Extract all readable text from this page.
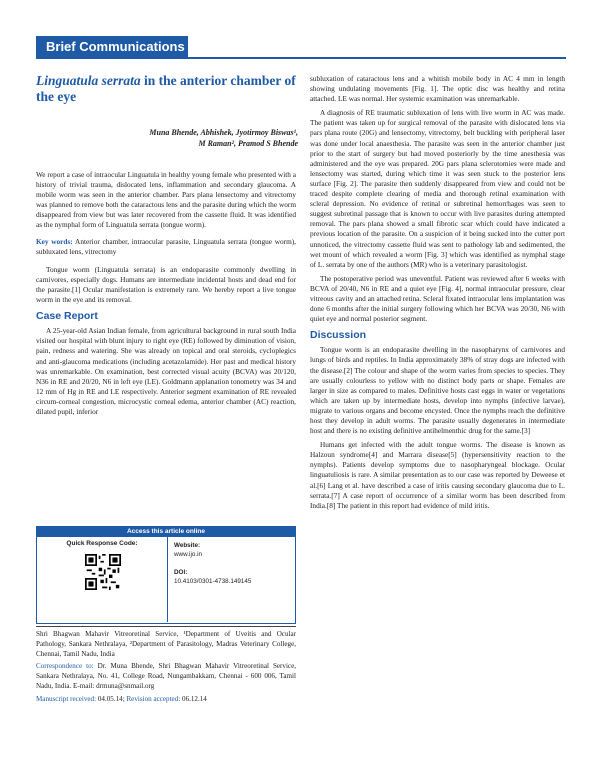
Brief Communications
Linguatula serrata in the anterior chamber of the eye
Muna Bhende, Abhishek, Jyotirmoy Biswas¹,
M Raman², Pramod S Bhende

We report a case of intraocular Linguatula in healthy young female who presented with a history of trivial trauma, dislocated lens, inflammation and secondary glaucoma. A mobile worm was seen in the anterior chamber. Pars plana lensectomy and vitrectomy was planned to remove both the cataractous lens and the parasite during which the worm disappeared from view but was later recovered from the cassette fluid. It was identified as the nymphal form of Linguatula serrata (tongue worm).

Key words: Anterior chamber, intraocular parasite, Linguatula serrata (tongue worm), subluxated lens, vitrectomy

Tongue worm (Linguatula serrata) is an endoparasite commonly dwelling in carnivores, especially dogs. Humans are intermediate incidental hosts and dead end for the parasite.[1] Ocular manifestation is extremely rare. We hereby report a live tongue worm in the eye and its removal.

Case Report

A 25-year-old Asian Indian female, from agricultural background in rural south India visited our hospital with blunt injury to right eye (RE) followed by diminution of vision, pain, redness and watering. She was already on topical and oral steroids, cycloplegics and anti-glaucoma medications (including acetazolamide). Her past and medical history was unremarkable. On examination, best corrected visual acuity (BCVA) was 20/120, N36 in RE and 20/20, N6 in left eye (LE). Goldmann applanation tonometry was 34 and 12 mm of Hg in RE and LE respectively. Anterior segment examination of RE revealed circum-corneal congestion, microcystic corneal edema, anterior chamber (AC) reaction, dilated pupil, inferior

Access this article online
Quick Response Code:	Website:
www.ijo.in

DOI:
10.4103/0301-4738.149145
Shri Bhagwan Mahavir Vitreoretinal Service, ¹Department of Uveitis and Ocular Pathology, Sankara Nethralaya, ²Department of Parasitology, Madras Veterinary College, Chennai, Tamil Nadu, India
Correspondence to: Dr. Muna Bhende, Shri Bhagwan Mahavir Vitreoretinal Service, Sankara Nethralaya, No. 41, College Road, Nungambakkam, Chennai - 600 006, Tamil Nadu, India. E-mail: drmuna@snmail.org
Manuscript received: 04.05.14; Revision accepted: 06.12.14

subluxation of cataractous lens and a whitish mobile body in AC 4 mm in length showing undulating movements [Fig. 1]. The optic disc was healthy and retina attached. LE was normal. Her systemic examination was unremarkable.

A diagnosis of RE traumatic subluxation of lens with live worm in AC was made. The patient was taken up for surgical removal of the parasite with dislocated lens via pars plana route (20G) and lensectomy, vitrectomy, belt buckling with peripheral laser was done under local anaesthesia. The parasite was seen in the anterior chamber just prior to the start of surgery but had moved posteriorly by the time anesthesia was administered and the eye was prepared. 20G pars plana sclerotomies were made and lensectomy was started, during which time it was seen stuck to the posterior lens surface [Fig. 2]. The parasite then suddenly disappeared from view and could not be traced despite complete clearing of media and thorough retinal examination with scleral depression. No evidence of retinal or subretinal hemorrhages was seen to suggest subretinal passage that is known to occur with live parasites during attempted removal. The pars plana showed a small fibrotic scar which could have indicated a previous location of the parasite. On a suspicion of it being sucked into the cutter port unnoticed, the vitrectomy cassette fluid was sent to pathology lab and sedimented, the wet mount of which revealed a worm [Fig. 3] which was identified as nymphal stage of L. serrata by one of the authors (MR) who is a veterinary parasitologist.

The postoperative period was uneventful. Patient was reviewed after 6 weeks with BCVA of 20/40, N6 in RE and a quiet eye [Fig. 4], normal intraocular pressure, clear vitreous cavity and an attached retina. Scleral fixated intraocular lens implantation was done 6 months after the initial surgery following which her BCVA was 20/30, N6 with quiet eye and normal posterior segment.

Discussion

Tongue worm is an endoparasite dwelling in the nasopharynx of carnivores and lungs of birds and reptiles. In India approximately 38% of stray dogs are infected with the disease.[2] The colour and shape of the worm varies from species to species. They are usually colourless to yellow with no distinct body parts or shape. Females are larger in size as compared to males. Definitive hosts cast eggs in water or vegetations which are taken up by intermediate hosts, develop into nymphs (infective larvae), migrate to various organs and become encysted. Once the nymphs reach the definitive host they develop in adult worms. The parasite usually degenerates in intermediate host and there is no existing definitive antihelmenthic drug for the same.[3]

Humans get infected with the adult tongue worms. The disease is known as Halzoun syndrome[4] and Marrara disease[5] (hypersensitivity reaction to the nymphs). Patients develop symptoms due to nasopharyngeal blockage. Ocular linguatuliosis is rare. A similar presentation as to our case was reported by Deweese et al.[6] Lang et al. have described a case of iritis causing secondary glaucoma due to L. serrata.[7] A case report of occurrence of a similar worm has been described from India.[8] The patient in this report had evidence of mild iritis.
